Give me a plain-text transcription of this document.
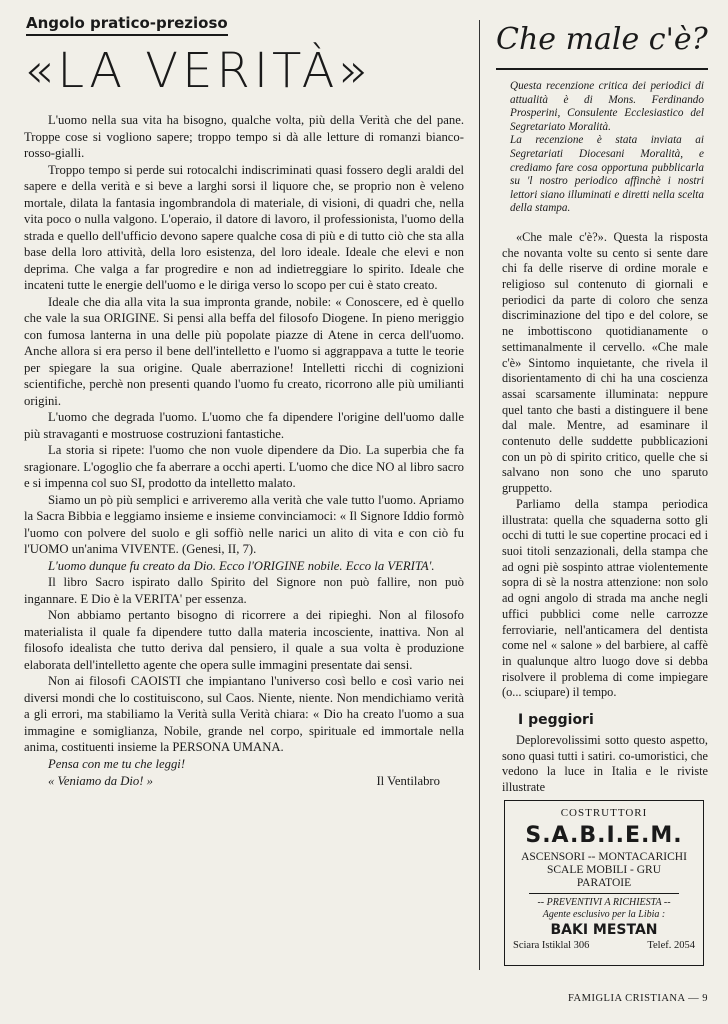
Angolo pratico-prezioso
«LA VERITÀ»

L'uomo nella sua vita ha bisogno, qualche volta, più della Verità che del pane. Troppe cose si vogliono sapere; troppo tempo si dà alle letture di romanzi bianco-rosso-gialli.

Troppo tempo si perde sui rotocalchi indiscriminati quasi fossero degli araldi del sapere e della verità e si beve a larghi sorsi il liquore che, se proprio non è veleno mortale, dilata la fantasia ingombrandola di materiale, di visioni, di quadri che, nella vita poco o nulla valgono. L'operaio, il datore di lavoro, il professionista, l'uomo della strada e quello dell'ufficio devono sapere qualche cosa di più e di tutto ciò che sta alla base della loro attività, della loro esistenza, del loro ideale. Ideale che elevi e non deprima. Che valga a far progredire e non ad indietreggiare lo spirito. Ideale che incateni tutte le energie dell'uomo e le diriga verso lo scopo per cui è stato creato.

Ideale che dia alla vita la sua impronta grande, nobile: « Conoscere, ed è quello che vale la sua ORIGINE. Si pensi alla beffa del filosofo Diogene. In pieno meriggio con fumosa lanterna in una delle più popolate piazze di Atene in cerca dell'uomo. Anche allora si era perso il bene dell'intelletto e l'uomo si aggrappava a tutte le teorie per spiegare la sua origine. Quale aberrazione! Intelletti ricchi di cognizioni scientifiche, perchè non presenti quando l'uomo fu creato, ricorrono alle più umilianti origini.

L'uomo che degrada l'uomo. L'uomo che fa dipendere l'origine dell'uomo dalle più stravaganti e mostruose costruzioni fantastiche.

La storia si ripete: l'uomo che non vuole dipendere da Dio. La superbia che fa sragionare. L'ogoglio che fa aberrare a occhi aperti. L'uomo che dice NO al libro sacro e si impenna col suo SI, prodotto da intelletto malato.

Siamo un pò più semplici e arriveremo alla verità che vale tutto l'uomo. Apriamo la Sacra Bibbia e leggiamo insieme e insieme convinciamoci: « Il Signore Iddio formò l'uomo con polvere del suolo e gli soffiò nelle narici un alito di vita e con ciò fu l'UOMO un'anima VIVENTE. (Genesi, II, 7).

L'uomo dunque fu creato da Dio. Ecco l'ORIGINE nobile. Ecco la VERITA'.

Il libro Sacro ispirato dallo Spirito del Signore non può fallire, non può ingannare. E Dio è la VERITA' per essenza.

Non abbiamo pertanto bisogno di ricorrere a dei ripieghi. Non al filosofo materialista il quale fa dipendere tutto dalla materia incosciente, inattiva. Non al filosofo idealista che tutto deriva dal pensiero, il quale a sua volta è produzione elaborata dell'intelletto agente che opera sulle immagini presentate dai sensi.

Non ai filosofi CAOISTI che impiantano l'universo così bello e così vario nei diversi mondi che lo costituiscono, sul Caos. Niente, niente. Non mendichiamo verità a gli errori, ma stabiliamo la Verità sulla Verità chiara: « Dio ha creato l'uomo a sua immagine e somiglianza, Nobile, grande nel corpo, spirituale ed immortale nella anima, costituenti insieme la PERSONA UMANA.

Pensa con me tu che leggi!

« Veniamo da Dio! »	Il Ventilabro
Che male c'è?

Questa recenzione critica dei periodici di attualità è di Mons. Ferdinando Prosperini, Consulente Ecclesiastico del Segretariato Moralità.

La recenzione è stata inviata ai Segretariati Diocesani Moralità, e crediamo fare cosa opportuna pubblicarla su 'l nostro periodico affinchè i nostri lettori siano illuminati e diretti nella scelta della stampa.

«Che male c'è?». Questa la risposta che novanta volte su cento si sente dare chi fa delle riserve di ordine morale e religioso sul contenuto di giornali e periodici da parte di coloro che senza discriminazione del tipo e del colore, se ne imbottiscono quotidianamente o settimanalmente il cervello. «Che male c'è» Sintomo inquietante, che rivela il disorientamento di chi ha una coscienza assai scarsamente illuminata: neppure quel tanto che basti a distinguere il bene dal male. Mentre, ad esaminare il contenuto delle suddette pubblicazioni con un pò di spirito critico, quelle che si salvano non sono che uno sparuto gruppetto.

Parliamo della stampa periodica illustrata: quella che squaderna sotto gli occhi di tutti le sue copertine procaci ed i suoi titoli senzazionali, della stampa che ad ogni piè sospinto attrae violentemente sopra di sè la nostra attenzione: non solo ad ogni angolo di strada ma anche negli uffici pubblici come nelle carrozze ferroviarie, nell'anticamera del dentista come nel « salone » del barbiere, al caffè in qualunque altro luogo dove si debba risolvere il problema di come impiegare (o... sciupare) il tempo.

I peggiori

Deplorevolissimi sotto questo aspetto, sono quasi tutti i satiri. co-umoristici, che vedono la luce in Italia e le riviste illustrate

COSTRUTTORI
S.A.B.I.E.M.
ASCENSORI -- MONTACARICHI
SCALE MOBILI - GRU
PARATOIE
-- PREVENTIVI A RICHIESTA --
Agente esclusivo per la Libia :
BAKI MESTAN
Sciara Istiklal 306	Telef. 2054
FAMIGLIA CRISTIANA — 9
